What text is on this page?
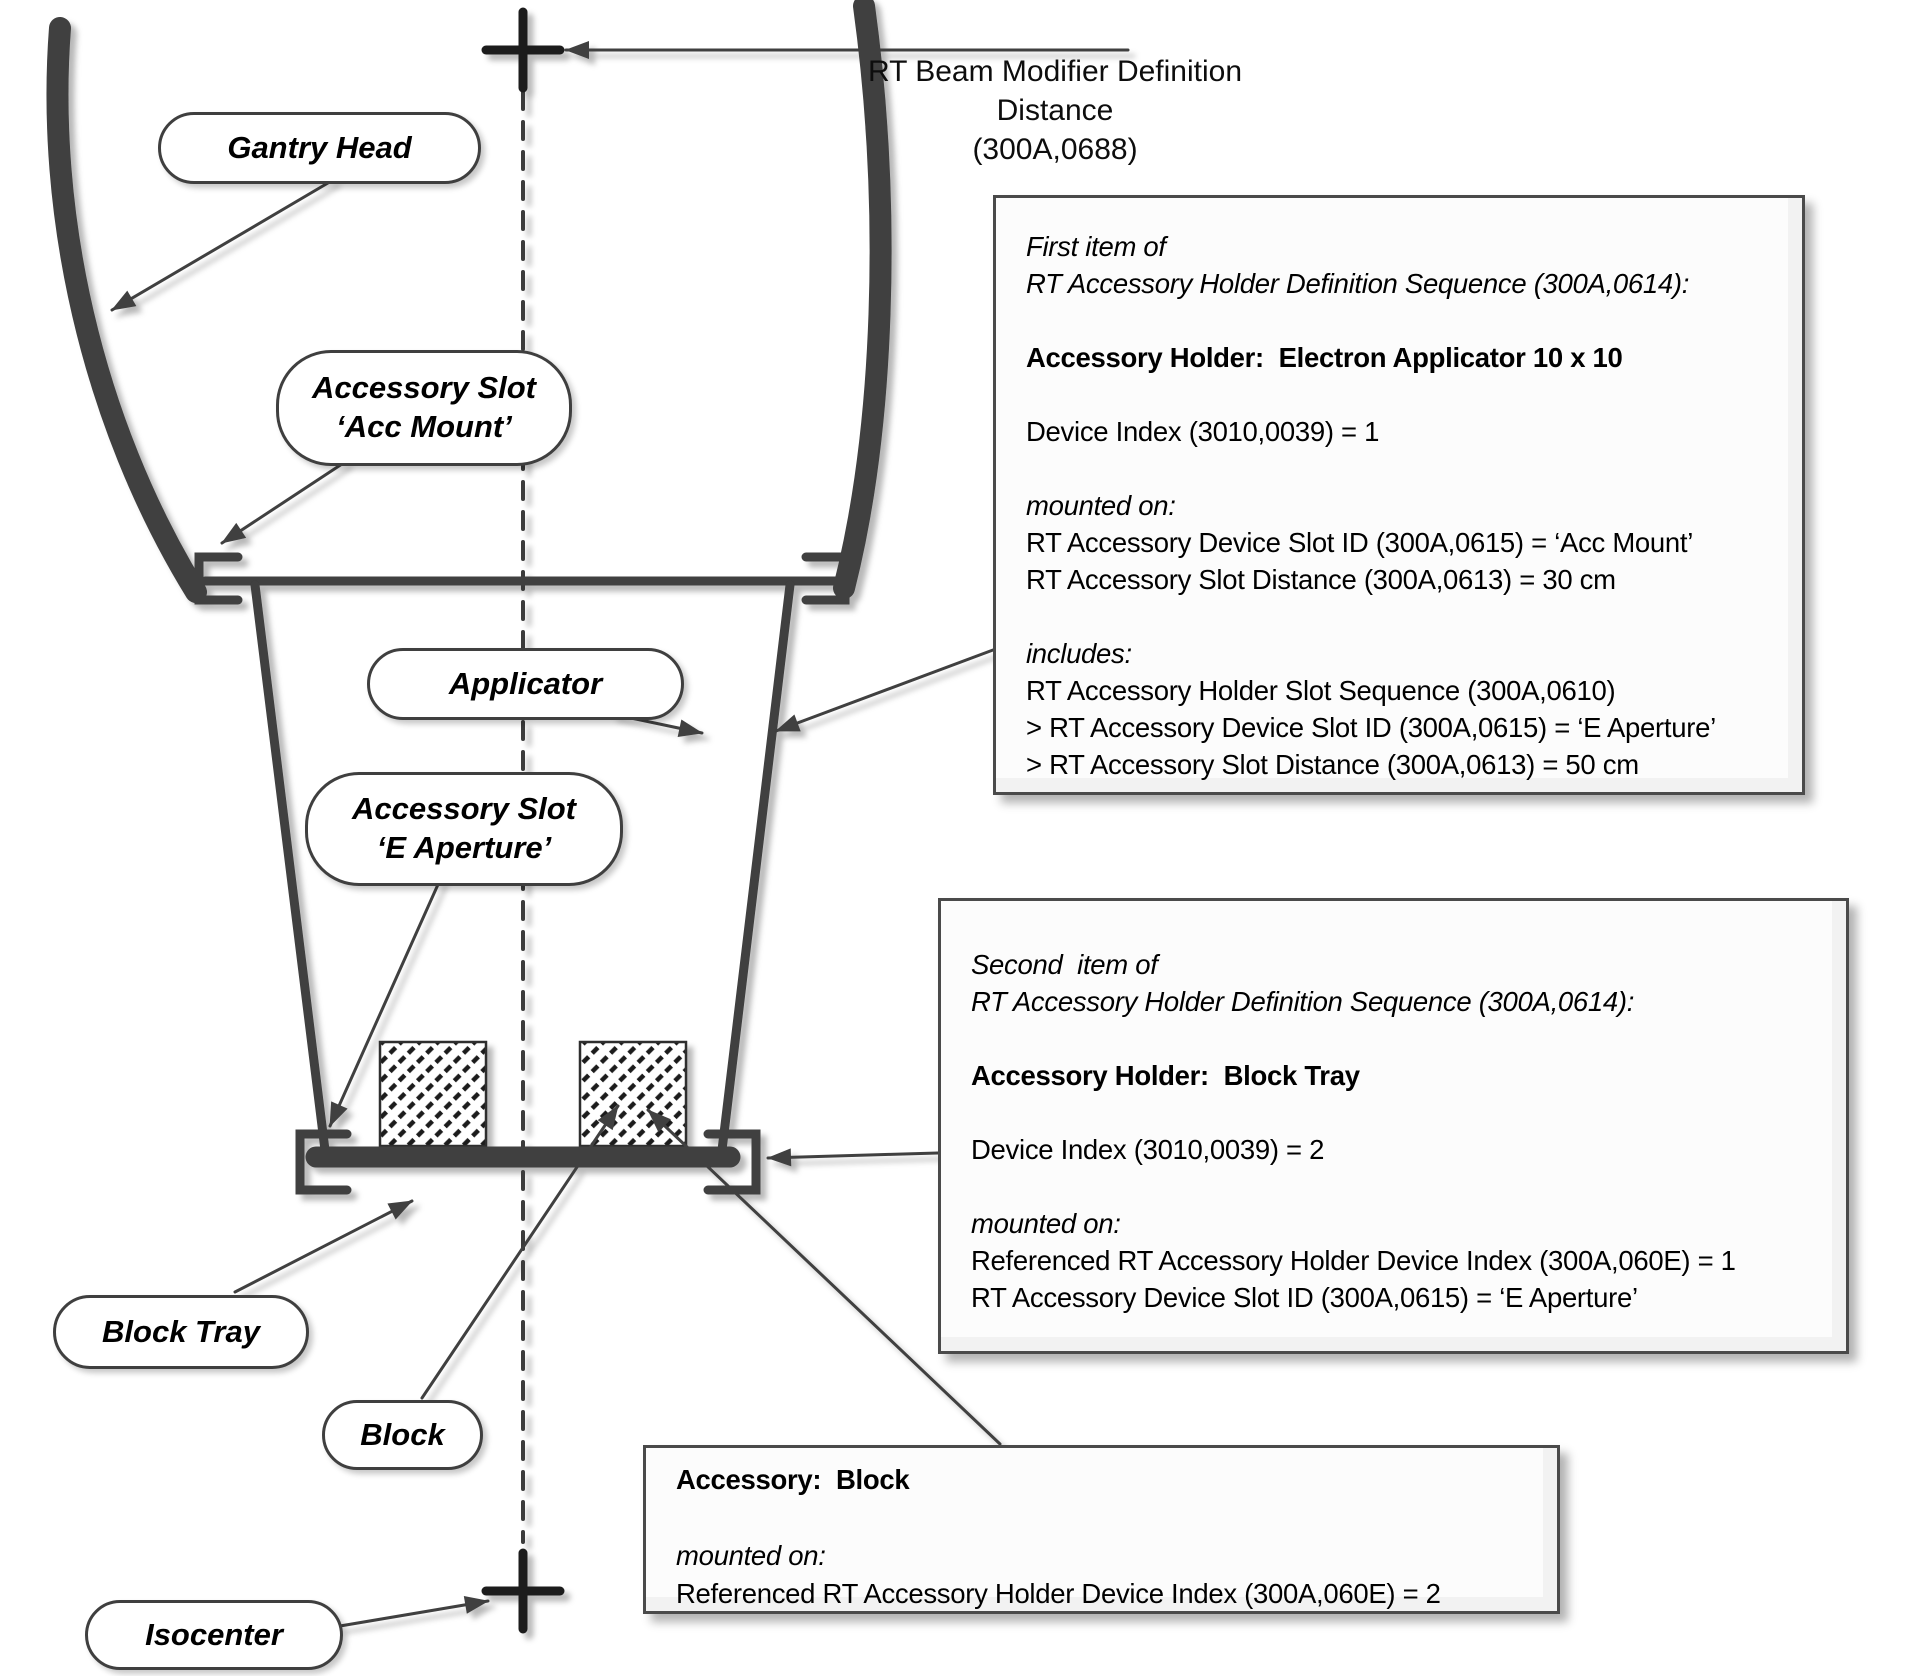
RT Beam Modifier Definition Distance
(300A,0688)
Gantry Head
Accessory Slot
‘Acc Mount’
Applicator
Accessory Slot
‘E Aperture’
Block Tray
Block
Isocenter
First item of
RT Accessory Holder Definition Sequence (300A,0614):
Accessory Holder:  Electron Applicator 10 x 10
Device Index (3010,0039) = 1
mounted on:
RT Accessory Device Slot ID (300A,0615) = ‘Acc Mount’
RT Accessory Slot Distance (300A,0613) = 30 cm
includes:
RT Accessory Holder Slot Sequence (300A,0610)
> RT Accessory Device Slot ID (300A,0615) = ‘E Aperture’
> RT Accessory Slot Distance (300A,0613) = 50 cm
Second  item of
RT Accessory Holder Definition Sequence (300A,0614):
Accessory Holder:  Block Tray
Device Index (3010,0039) = 2
mounted on:
Referenced RT Accessory Holder Device Index (300A,060E) = 1
RT Accessory Device Slot ID (300A,0615) = ‘E Aperture’
Accessory:  Block
mounted on:
Referenced RT Accessory Holder Device Index (300A,060E) = 2
